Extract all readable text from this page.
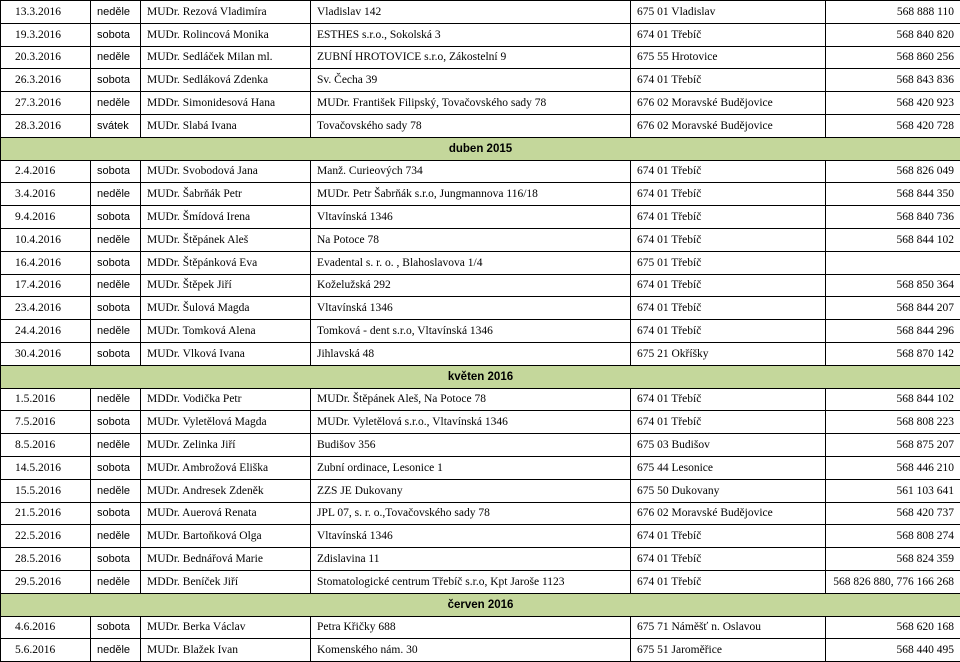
13.3.2016	neděle	MUDr. Rezová Vladimíra	Vladislav 142	675 01 Vladislav	568 888 110
19.3.2016	sobota	MUDr. Rolincová Monika	ESTHES s.r.o., Sokolská 3	674 01 Třebíč	568 840 820
20.3.2016	neděle	MUDr. Sedláček Milan ml.	ZUBNÍ HROTOVICE s.r.o, Zákostelní 9	675 55 Hrotovice	568 860 256
26.3.2016	sobota	MUDr. Sedláková Zdenka	Sv. Čecha 39	674 01 Třebíč	568 843 836
27.3.2016	neděle	MDDr. Simonidesová Hana	MUDr. František Filipský, Tovačovského sady 78	676 02 Moravské Budějovice	568 420 923
28.3.2016	svátek	MUDr. Slabá Ivana	Tovačovského sady 78	676 02 Moravské Budějovice	568 420 728
duben 2015					
2.4.2016	sobota	MUDr. Svobodová Jana	Manž. Curieových 734	674 01 Třebíč	568 826 049
3.4.2016	neděle	MUDr. Šabrňák Petr	MUDr. Petr Šabrňák s.r.o, Jungmannova 116/18	674 01 Třebíč	568 844 350
9.4.2016	sobota	MUDr. Šmídová Irena	Vltavínská 1346	674 01 Třebíč	568 840 736
10.4.2016	neděle	MUDr. Štěpánek Aleš	Na Potoce 78	674 01 Třebíč	568 844 102
16.4.2016	sobota	MDDr. Štěpánková Eva	Evadental s. r. o. , Blahoslavova 1/4	675 01 Třebíč	
17.4.2016	neděle	MUDr. Štěpek Jiří	Koželužská 292	674 01 Třebíč	568 850 364
23.4.2016	sobota	MUDr. Šulová Magda	Vltavínská 1346	674 01 Třebíč	568 844 207
24.4.2016	neděle	MUDr. Tomková Alena	Tomková - dent s.r.o, Vltavínská 1346	674 01 Třebíč	568 844 296
30.4.2016	sobota	MUDr. Vlková Ivana	Jihlavská 48	675 21 Okříšky	568 870 142
květen 2016					
1.5.2016	neděle	MDDr. Vodička Petr	MUDr. Štěpánek Aleš, Na Potoce 78	674 01 Třebíč	568 844 102
7.5.2016	sobota	MUDr. Vyletělová Magda	MUDr. Vyletělová s.r.o., Vltavínská 1346	674 01 Třebíč	568 808 223
8.5.2016	neděle	MUDr. Zelinka Jiří	Budišov 356	675 03 Budišov	568 875 207
14.5.2016	sobota	MUDr. Ambrožová Eliška	Zubní ordinace, Lesonice 1	675 44 Lesonice	568 446 210
15.5.2016	neděle	MUDr. Andresek Zdeněk	ZZS JE Dukovany	675 50 Dukovany	561 103 641
21.5.2016	sobota	MUDr. Auerová Renata	JPL 07, s. r. o.,Tovačovského sady 78	676 02 Moravské Budějovice	568 420 737
22.5.2016	neděle	MUDr. Bartoňková Olga	Vltavínská 1346	674 01 Třebíč	568 808 274
28.5.2016	sobota	MUDr. Bednářová Marie	Zdislavina 11	674 01 Třebíč	568 824 359
29.5.2016	neděle	MDDr. Beníček Jiří	Stomatologické centrum Třebíč s.r.o, Kpt Jaroše 1123	674 01 Třebíč	568 826 880, 776 166 268
červen 2016					
4.6.2016	sobota	MUDr. Berka Václav	Petra Křičky 688	675 71 Náměšť n. Oslavou	568 620 168
5.6.2016	neděle	MUDr. Blažek Ivan	Komenského nám. 30	675 51 Jaroměřice	568 440 495
